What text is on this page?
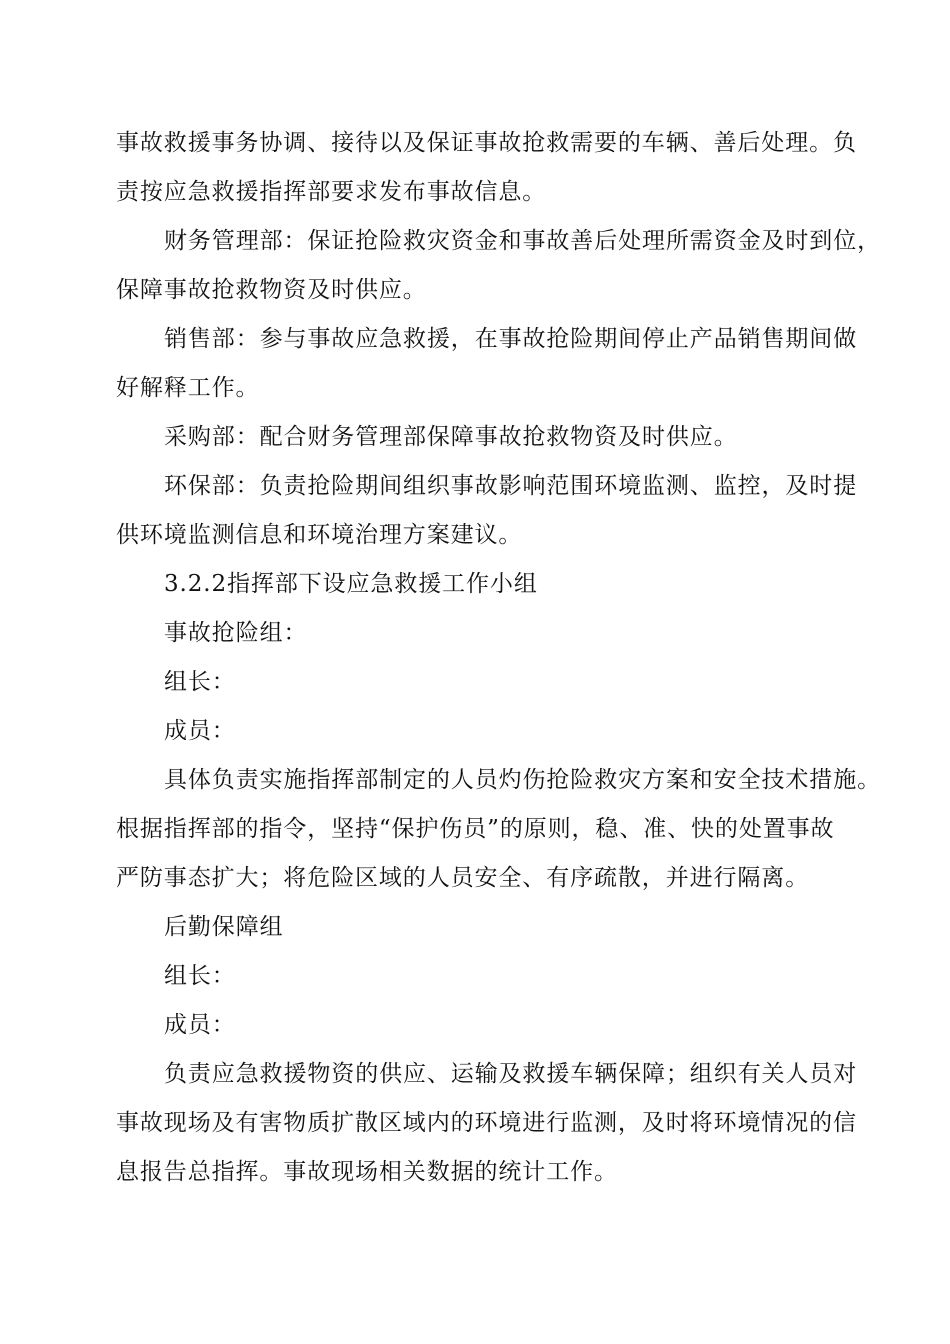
事故救援事务协调、接待以及保证事故抢救需要的车辆、善后处理。负

责按应急救援指挥部要求发布事故信息。

财务管理部：保证抢险救灾资金和事故善后处理所需资金及时到位，

保障事故抢救物资及时供应。

销售部：参与事故应急救援，在事故抢险期间停止产品销售期间做

好解释工作。

采购部：配合财务管理部保障事故抢救物资及时供应。

环保部：负责抢险期间组织事故影响范围环境监测、监控，及时提

供环境监测信息和环境治理方案建议。

3.2.2指挥部下设应急救援工作小组

事故抢险组：

组长：

成员：

具体负责实施指挥部制定的人员灼伤抢险救灾方案和安全技术措施。

根据指挥部的指令，坚持“保护伤员”的原则，稳、准、快的处置事故

严防事态扩大；将危险区域的人员安全、有序疏散，并进行隔离。

后勤保障组

组长：

成员：

负责应急救援物资的供应、运输及救援车辆保障；组织有关人员对

事故现场及有害物质扩散区域内的环境进行监测，及时将环境情况的信

息报告总指挥。事故现场相关数据的统计工作。
